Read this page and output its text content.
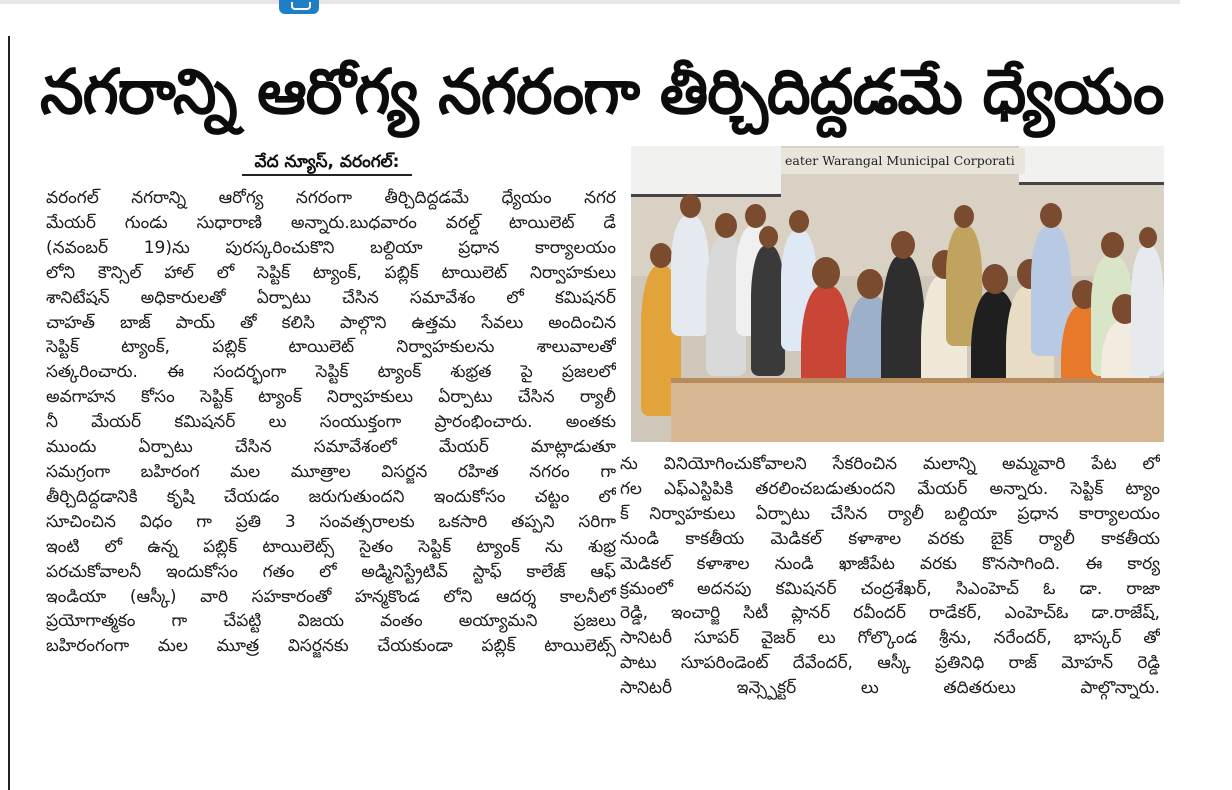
నగరాన్ని ఆరోగ్య నగరంగా తీర్చిదిద్దడమే ధ్యేయం
వేద న్యూస్, వరంగల్:
వరంగల్ నగరాన్ని ఆరోగ్య నగరంగా తీర్చిదిద్దడమే ధ్యేయం నగర
మేయర్ గుండు సుధారాణి అన్నారు.బుధవారం వరల్డ్ టాయిలెట్ డే
(నవంబర్ 19)ను పురస్కరించుకొని బల్దియా ప్రధాన కార్యాలయం
లోని కౌన్సిల్ హాల్ లో సెప్టిక్ ట్యాంక్, పబ్లిక్ టాయిలెట్ నిర్వాహకులు
శానిటేషన్ అధికారులతో ఏర్పాటు చేసిన సమావేశం లో కమిషనర్
చాహత్ బాజ్ పాయ్ తో కలిసి పాల్గొని ఉత్తమ సేవలు అందించిన
సెప్టిక్ ట్యాంక్, పబ్లిక్ టాయిలెట్ నిర్వాహకులను శాలువాలతో
సత్కరించారు. ఈ సందర్భంగా సెప్టిక్ ట్యాంక్ శుభ్రత పై ప్రజలలో
అవగాహన కోసం సెప్టిక్ ట్యాంక్ నిర్వాహకులు ఏర్పాటు చేసిన ర్యాలీ
నీ మేయర్ కమిషనర్ లు సంయుక్తంగా ప్రారంభించారు. అంతకు
ముందు ఏర్పాటు చేసిన సమావేశంలో మేయర్ మాట్లాడుతూ
సమగ్రంగా బహిరంగ మల మూత్రాల విసర్జన రహిత నగరం గా
తీర్చిదిద్దడానికి కృషి చేయడం జరుగుతుందని ఇందుకోసం చట్టం లో
సూచించిన విధం గా ప్రతి 3 సంవత్సరాలకు ఒకసారి తప్పని సరిగా
ఇంటి లో ఉన్న పబ్లిక్ టాయిలెట్స్ సైతం సెప్టిక్ ట్యాంక్ ను శుభ్ర
పరచుకోవాలనీ ఇందుకోసం గతం లో అడ్మినిస్ట్రేటివ్ స్టాఫ్ కాలేజ్ ఆఫ్
ఇండియా (ఆస్కీ) వారి సహకారంతో హన్మకొండ లోని ఆదర్శ కాలనీలో
ప్రయోగాత్మకం గా చేపట్టి విజయ వంతం అయ్యామని ప్రజలు
బహిరంగంగా మల మూత్ర విసర్జనకు చేయకుండా పబ్లిక్ టాయిలెట్స్
eater Warangal Municipal Corporati
ను వినియోగించుకోవాలని సేకరించిన మలాన్ని అమ్మవారి పేట లో
గల ఎఫ్ఎస్టిపికి తరలించబడుతుందని మేయర్ అన్నారు. సెప్టిక్ ట్యాం
క్ నిర్వాహకులు ఏర్పాటు చేసిన ర్యాలీ బల్దియా ప్రధాన కార్యాలయం
నుండి కాకతీయ మెడికల్ కళాశాల వరకు బైక్ ర్యాలీ కాకతీయ
మెడికల్ కళాశాల నుండి ఖాజీపేట వరకు కొనసాగింది. ఈ కార్య
క్రమంలో అదనపు కమిషనర్ చంద్రశేఖర్, సిఎంహెచ్ ఓ డా. రాజా
రెడ్డి, ఇంచార్జి సిటీ ప్లానర్ రవీందర్ రాడేకర్, ఎంహెచ్ఓ డా.రాజేష్,
సానిటరీ సూపర్ వైజర్ లు గోల్కొండ శ్రీను, నరేందర్, భాస్కర్ తో
పాటు సూపరిండెంట్ దేవేందర్, ఆస్కీ ప్రతినిధి రాజ్ మోహన్ రెడ్డి
సానిటరీ ఇన్స్పెక్టర్ లు తదితరులు పాల్గొన్నారు.
